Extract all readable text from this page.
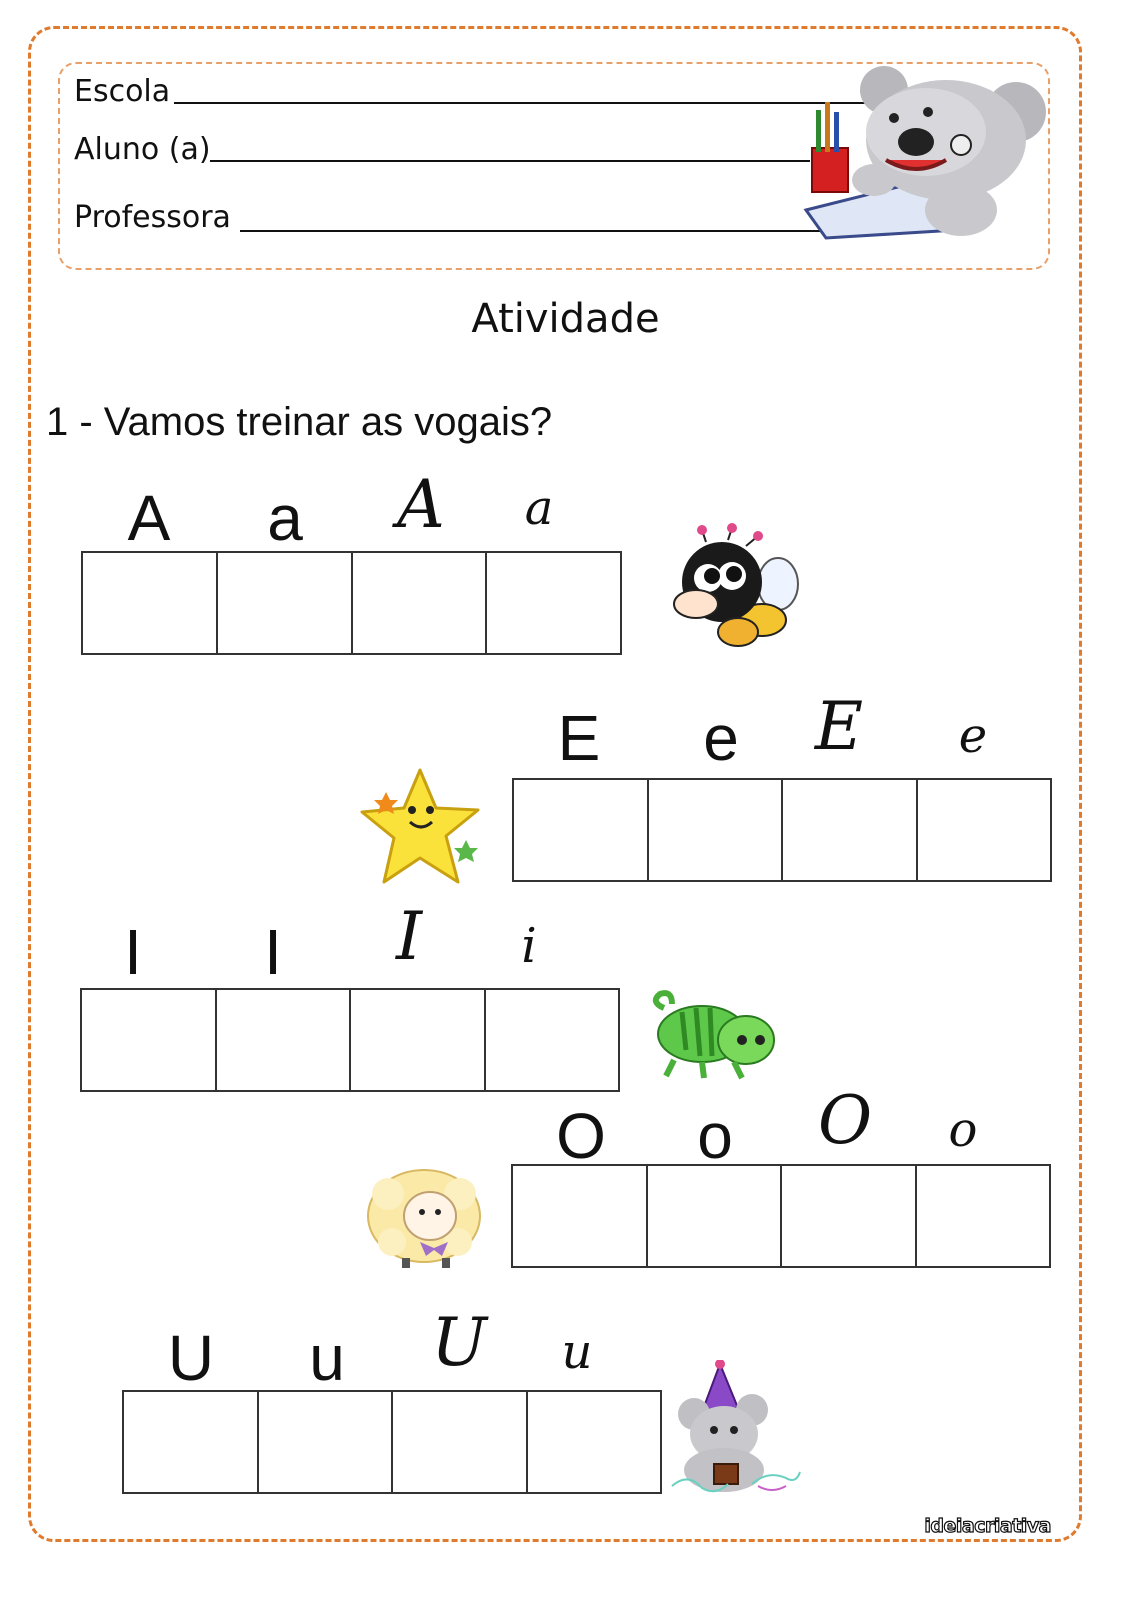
Escola
Aluno (a)
Professora
Atividade
1 - Vamos treinar as vogais?
A	a	A	a
E	e	E	e
I	I	I	i
O	o	O	o
U	u	U	u
ideiacriativa
